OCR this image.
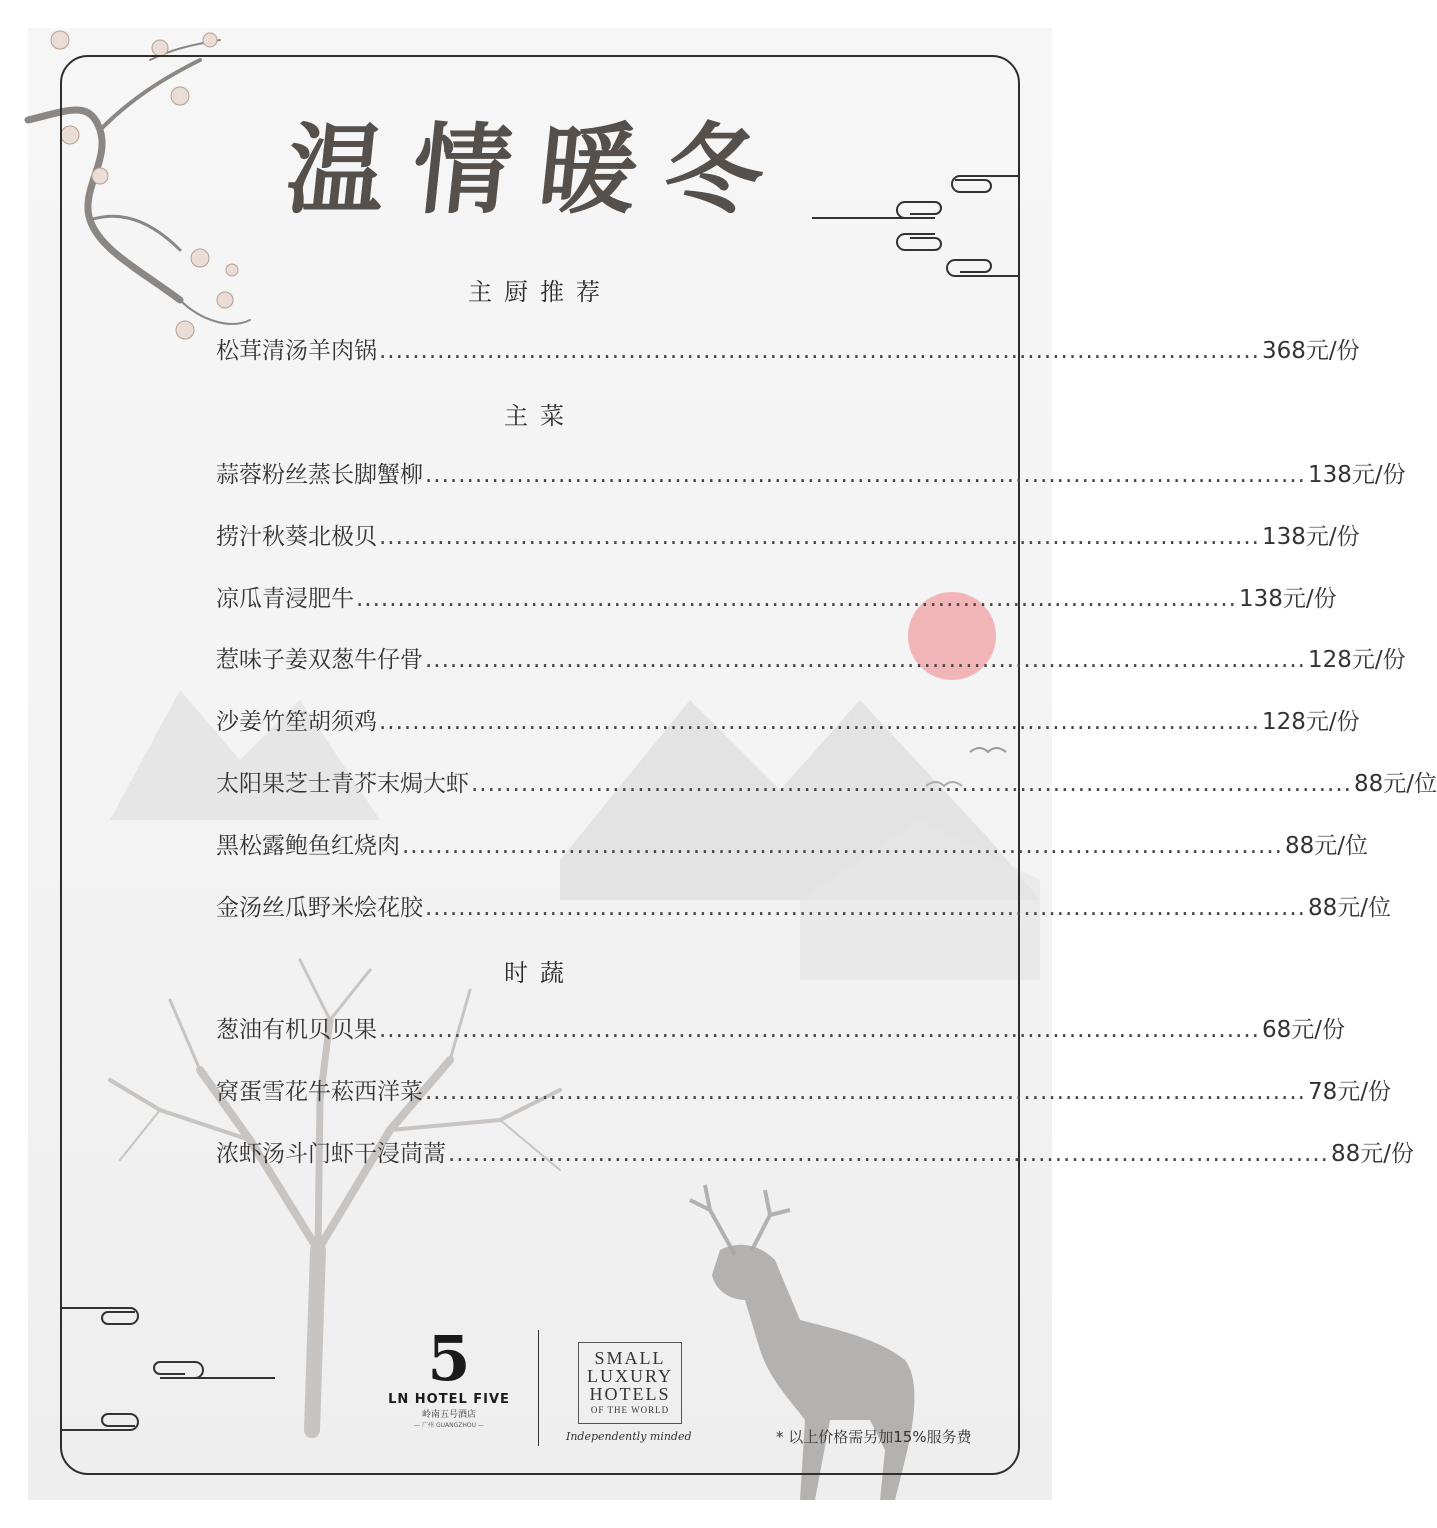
温情暖冬
主厨推荐
松茸清汤羊肉锅 .......................................................................................................... 368元/份
主菜
蒜蓉粉丝蒸长脚蟹柳 .......................................................................................................... 138元/份
捞汁秋葵北极贝 .......................................................................................................... 138元/份
凉瓜青浸肥牛 .......................................................................................................... 138元/份
惹味子姜双葱牛仔骨 .......................................................................................................... 128元/份
沙姜竹笙胡须鸡 .......................................................................................................... 128元/份
太阳果芝士青芥末焗大虾 .......................................................................................................... 88元/位
黑松露鲍鱼红烧肉 .......................................................................................................... 88元/位
金汤丝瓜野米烩花胶 .......................................................................................................... 88元/位
时蔬
葱油有机贝贝果 .......................................................................................................... 68元/份
窝蛋雪花牛菘西洋菜 .......................................................................................................... 78元/份
浓虾汤斗门虾干浸茼蒿 .......................................................................................................... 88元/份
5
LN HOTEL FIVE
岭南五号酒店
— 广州 GUANGZHOU —
SMALL
LUXURY
HOTELS
OF THE WORLD
Independently minded	* 以上价格需另加15%服务费
